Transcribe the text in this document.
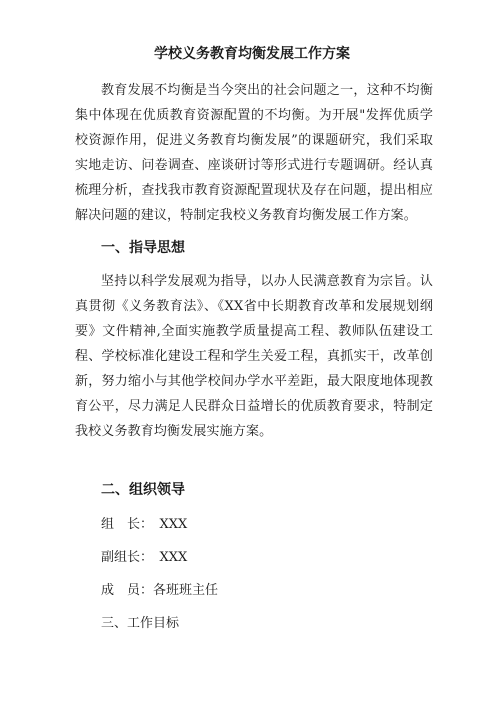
学校义务教育均衡发展工作方案
教育发展不均衡是当今突出的社会问题之一，这种不均衡集中体现在优质教育资源配置的不均衡。为开展"发挥优质学校资源作用，促进义务教育均衡发展”的课题研究，我们采取实地走访、问卷调查、座谈研讨等形式进行专题调研。经认真梳理分析，查找我市教育资源配置现状及存在问题，提出相应解决问题的建议，特制定我校义务教育均衡发展工作方案。
一、指导思想
坚持以科学发展观为指导，以办人民满意教育为宗旨。认真贯彻《义务教育法》、《XX省中长期教育改革和发展规划纲要》文件精神,全面实施教学质量提高工程、教师队伍建设工程、学校标准化建设工程和学生关爱工程，真抓实干，改革创新，努力缩小与其他学校间办学水平差距，最大限度地体现教育公平，尽力满足人民群众日益增长的优质教育要求，特制定我校义务教育均衡发展实施方案。
二、组织领导
组　长：　XXX
副组长：　XXX
成　员：各班班主任
三、工作目标
